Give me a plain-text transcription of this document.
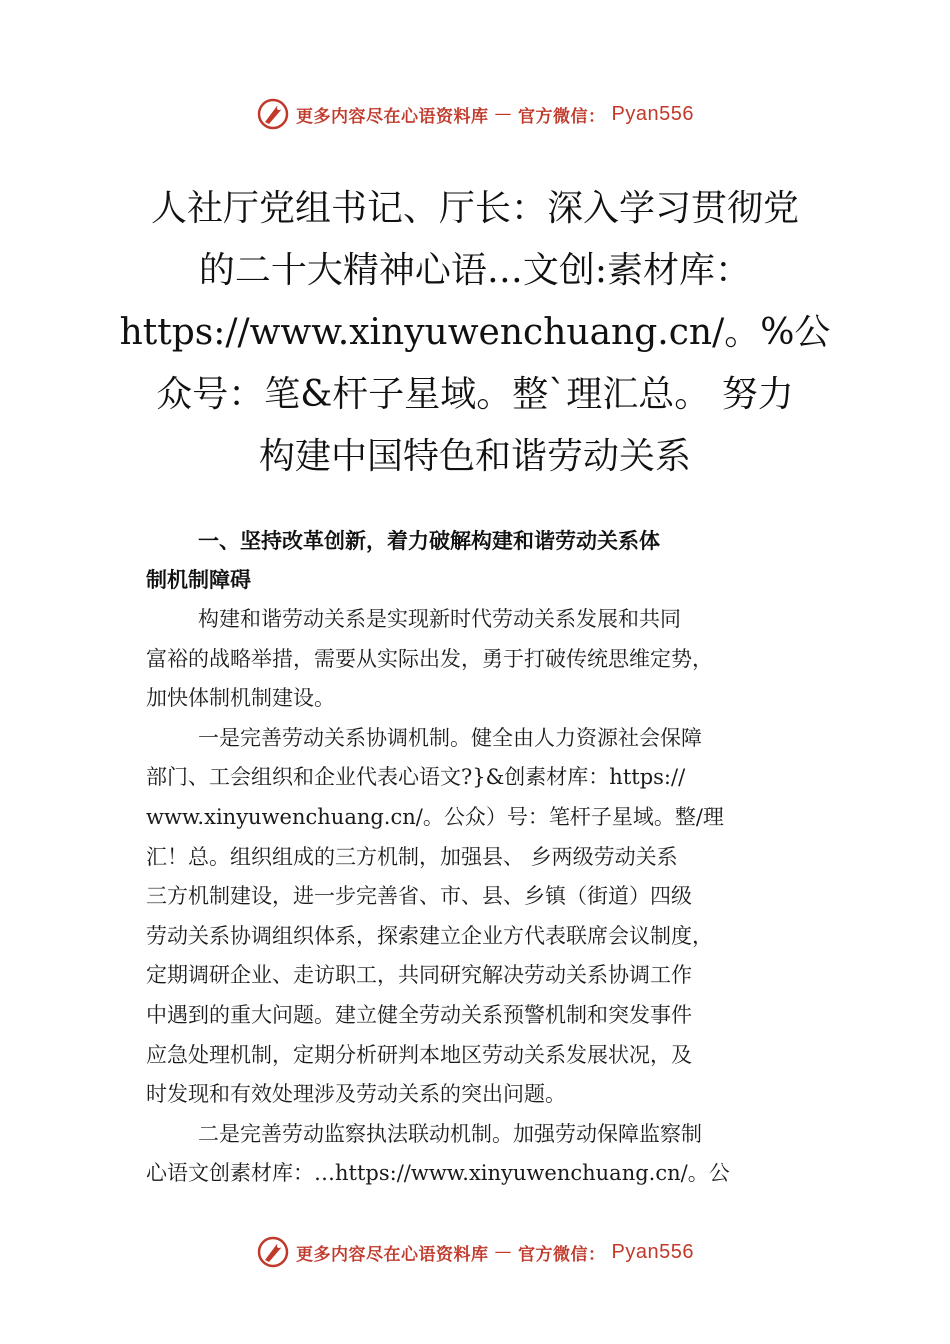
更多内容尽在心语资料库 — 官方微信： Pyan556
人社厅党组书记、厅长：深入学习贯彻党
的二十大精神心语…文创:素材库：
https://www.xinyuwenchuang.cn/。%公
众号：笔&杆子星域。整`理汇总。 努力
构建中国特色和谐劳动关系
一、坚持改革创新，着力破解构建和谐劳动关系体
制机制障碍
构建和谐劳动关系是实现新时代劳动关系发展和共同
富裕的战略举措，需要从实际出发，勇于打破传统思维定势，
加快体制机制建设。
一是完善劳动关系协调机制。健全由人力资源社会保障
部门、工会组织和企业代表心语文?}&创素材库：https://
www.xinyuwenchuang.cn/。公众）号：笔杆子星域。整/理
汇！总。组织组成的三方机制，加强县、 乡两级劳动关系
三方机制建设，进一步完善省、市、县、乡镇（街道）四级
劳动关系协调组织体系，探索建立企业方代表联席会议制度，
定期调研企业、走访职工，共同研究解决劳动关系协调工作
中遇到的重大问题。建立健全劳动关系预警机制和突发事件
应急处理机制，定期分析研判本地区劳动关系发展状况，及
时发现和有效处理涉及劳动关系的突出问题。
二是完善劳动监察执法联动机制。加强劳动保障监察制
心语文创素材库：…https://www.xinyuwenchuang.cn/。公
更多内容尽在心语资料库 — 官方微信： Pyan556
